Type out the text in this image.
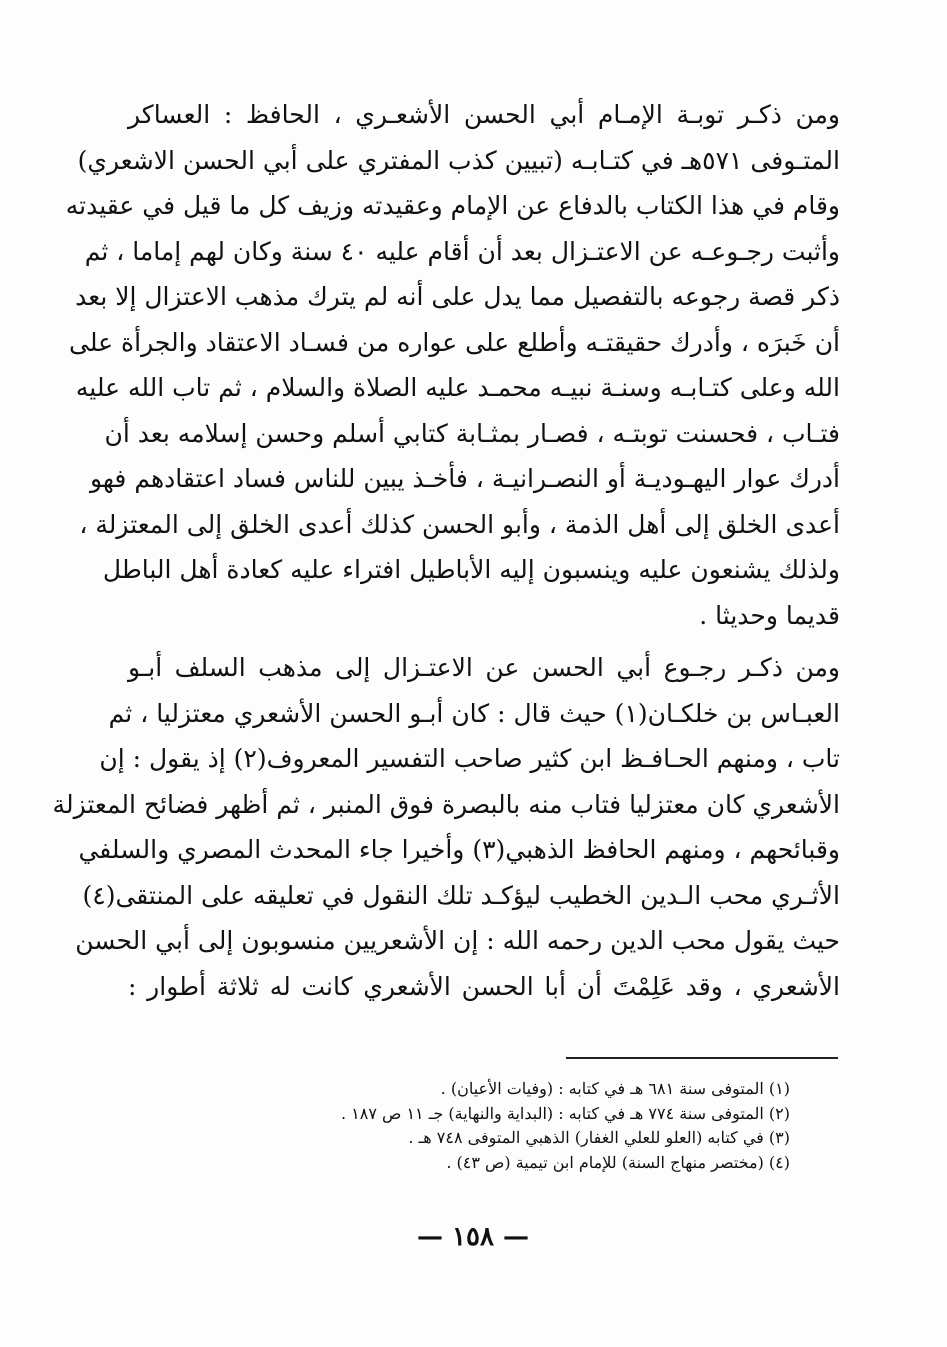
ومن ذكـر توبـة الإمـام أبي الحسن الأشعـري ، الحافظ : العساكر
المتـوفى ٥٧١هـ في كتـابـه (تبيين كذب المفتري على أبي الحسن الاشعري)
وقام في هذا الكتاب بالدفاع عن الإمام وعقيدته وزيف كل ما قيل في عقيدته
وأثبت رجـوعـه عن الاعتـزال بعد أن أقام عليه ٤٠ سنة وكان لهم إماما ، ثم
ذكر قصة رجوعه بالتفصيل مما يدل على أنه لم يترك مذهب الاعتزال إلا بعد
أن خَبرَه ، وأدرك حقيقتـه وأطلع على عواره من فسـاد الاعتقاد والجرأة على
الله وعلى كتـابـه وسنـة نبيـه محمـد عليه الصلاة والسلام ، ثم تاب الله عليه
فتـاب ، فحسنت توبتـه ، فصـار بمثـابة كتابي أسلم وحسن إسلامه بعد أن
أدرك عوار اليهـوديـة أو النصـرانيـة ، فأخـذ يبين للناس فساد اعتقادهم فهو
أعدى الخلق إلى أهل الذمة ، وأبو الحسن كذلك أعدى الخلق إلى المعتزلة ،
ولذلك يشنعون عليه وينسبون إليه الأباطيل افتراء عليه كعادة أهل الباطل
قديما وحديثا .
ومن ذكـر رجـوع أبي الحسن عن الاعتـزال إلى مذهب السلف أبـو
العبـاس بن خلكـان(١) حيث قال : كان أبـو الحسن الأشعري معتزليا ، ثم
تاب ، ومنهم الحـافـظ ابن كثير صاحب التفسير المعروف(٢) إذ يقول : إن
الأشعري كان معتزليا فتاب منه بالبصرة فوق المنبر ، ثم أظهر فضائح المعتزلة
وقبائحهم ، ومنهم الحافظ الذهبي(٣) وأخيرا جاء المحدث المصري والسلفي
الأثـري محب الـدين الخطيب ليؤكـد تلك النقول في تعليقه على المنتقى(٤)
حيث يقول محب الدين رحمه الله : إن الأشعريين منسوبون إلى أبي الحسن
الأشعري ، وقد عَلِمْتَ أن أبا الحسن الأشعري كانت له ثلاثة أطوار :
(١) المتوفى سنة ٦٨١ هـ في كتابه : (وفيات الأعيان) .
(٢) المتوفى سنة ٧٧٤ هـ في كتابه : (البداية والنهاية) جـ ١١ ص ١٨٧ .
(٣) في كتابه (العلو للعلي الغفار) الذهبي المتوفى ٧٤٨ هـ .
(٤) (مختصر منهاج السنة) للإمام ابن تيمية (ص ٤٣) .
— ١٥٨ —
